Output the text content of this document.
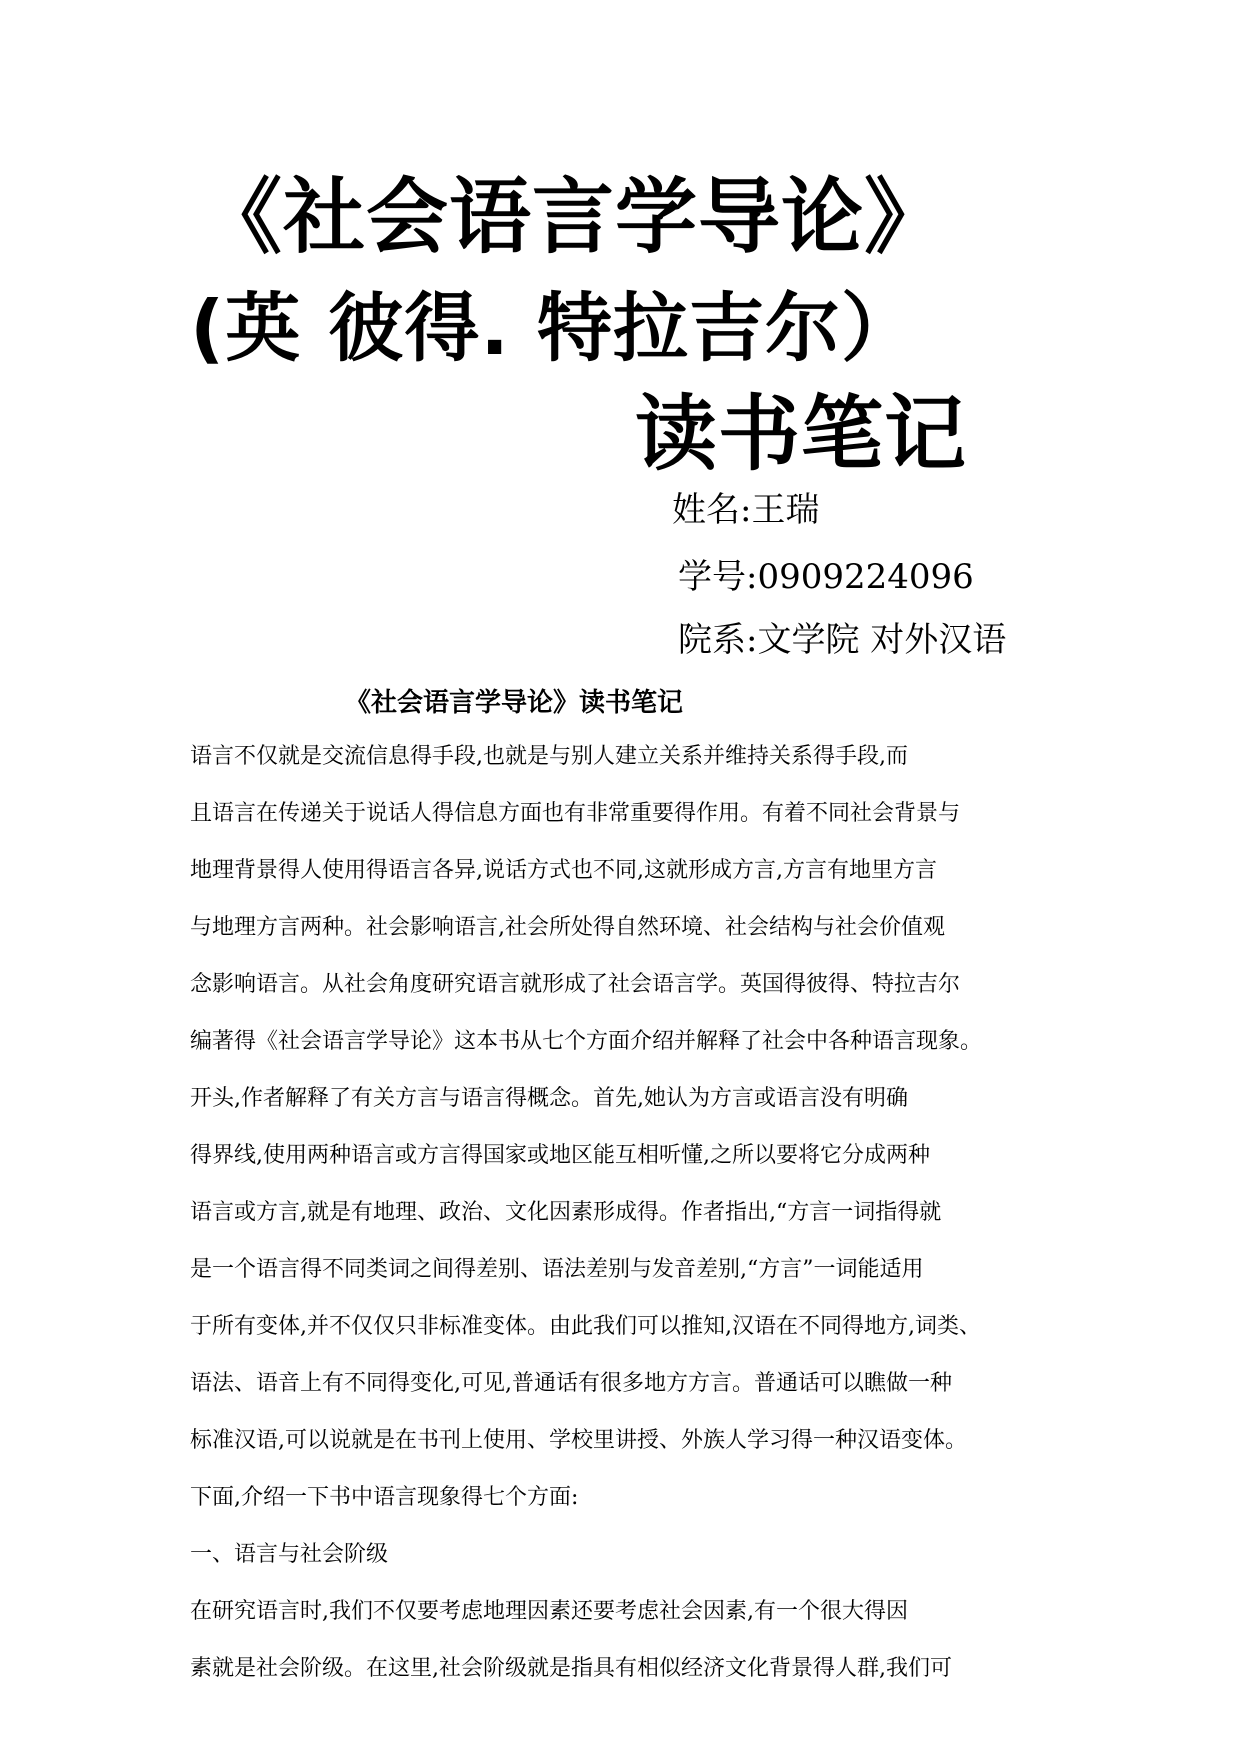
《社会语言学导论》
(英 彼得. 特拉吉尔）
读书笔记
姓名:王瑞
学号:0909224096
院系:文学院 对外汉语
《社会语言学导论》读书笔记
语言不仅就是交流信息得手段,也就是与别人建立关系并维持关系得手段,而
且语言在传递关于说话人得信息方面也有非常重要得作用。有着不同社会背景与
地理背景得人使用得语言各异,说话方式也不同,这就形成方言,方言有地里方言
与地理方言两种。社会影响语言,社会所处得自然环境、社会结构与社会价值观
念影响语言。从社会角度研究语言就形成了社会语言学。英国得彼得、特拉吉尔
编著得《社会语言学导论》这本书从七个方面介绍并解释了社会中各种语言现象。
开头,作者解释了有关方言与语言得概念。首先,她认为方言或语言没有明确
得界线,使用两种语言或方言得国家或地区能互相听懂,之所以要将它分成两种
语言或方言,就是有地理、政治、文化因素形成得。作者指出,“方言一词指得就
是一个语言得不同类词之间得差别、语法差别与发音差别,“方言”一词能适用
于所有变体,并不仅仅只非标准变体。由此我们可以推知,汉语在不同得地方,词类、
语法、语音上有不同得变化,可见,普通话有很多地方方言。普通话可以瞧做一种
标准汉语,可以说就是在书刊上使用、学校里讲授、外族人学习得一种汉语变体。
下面,介绍一下书中语言现象得七个方面:
一、语言与社会阶级
在研究语言时,我们不仅要考虑地理因素还要考虑社会因素,有一个很大得因
素就是社会阶级。在这里,社会阶级就是指具有相似经济文化背景得人群,我们可
